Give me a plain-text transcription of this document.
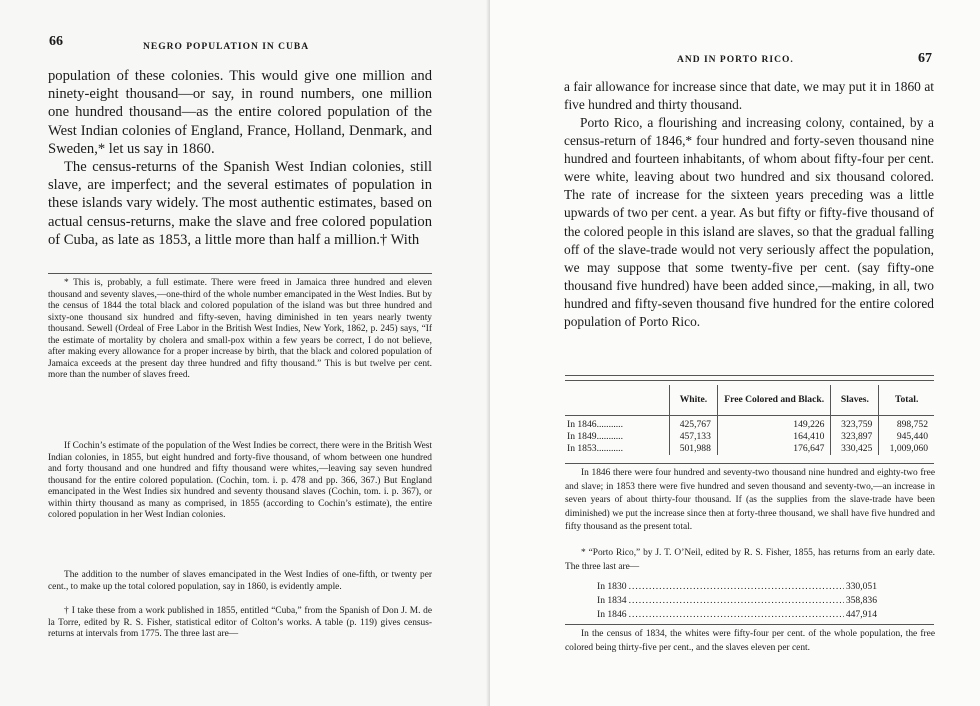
66	NEGRO POPULATION IN CUBA

population of these colonies. This would give one million and ninety-eight thousand—or say, in round numbers, one million one hundred thousand—as the entire colored population of the West Indian colonies of England, France, Holland, Denmark, and Sweden,* let us say in 1860.

The census-returns of the Spanish West Indian colonies, still slave, are imperfect; and the several estimates of population in these islands vary widely. The most authentic estimates, based on actual census-returns, make the slave and free colored population of Cuba, as late as 1853, a little more than half a million.† With

* This is, probably, a full estimate. There were freed in Jamaica three hundred and eleven thousand and seventy slaves,—one-third of the whole number emancipated in the West Indies. But by the census of 1844 the total black and colored population of the island was but three hundred and sixty-one thousand six hundred and fifty-seven, having diminished in ten years nearly twenty thousand. Sewell (Ordeal of Free Labor in the British West Indies, New York, 1862, p. 245) says, “If the estimate of mortality by cholera and small-pox within a few years be correct, I do not believe, after making every allowance for a proper increase by birth, that the black and colored population of Jamaica exceeds at the present day three hundred and fifty thousand.” This is but twelve per cent. more than the number of slaves freed.

If Cochin’s estimate of the population of the West Indies be correct, there were in the British West Indian colonies, in 1855, but eight hundred and forty-five thousand, of whom between one hundred and forty thousand and one hundred and fifty thousand were whites,—leaving say seven hundred thousand for the entire colored population. (Cochin, tom. i. p. 478 and pp. 366, 367.) But England emancipated in the West Indies six hundred and seventy thousand slaves (Cochin, tom. i. p. 367), or within thirty thousand as many as comprised, in 1855 (according to Cochin’s estimate), the entire colored population in her West Indian colonies.

The addition to the number of slaves emancipated in the West Indies of one-fifth, or twenty per cent., to make up the total colored population, say in 1860, is evidently ample.

† I take these from a work published in 1855, entitled “Cuba,” from the Spanish of Don J. M. de la Torre, edited by R. S. Fisher, statistical editor of Colton’s works. A table (p. 119) gives census-returns at intervals from 1775. The three last are—

AND IN PORTO RICO.	67

a fair allowance for increase since that date, we may put it in 1860 at five hundred and thirty thousand.

Porto Rico, a flourishing and increasing colony, contained, by a census-return of 1846,* four hundred and forty-seven thousand nine hundred and fourteen inhabitants, of whom about fifty-four per cent. were white, leaving about two hundred and six thousand colored. The rate of increase for the sixteen years preceding was a little upwards of two per cent. a year. As but fifty or fifty-five thousand of the colored people in this island are slaves, so that the gradual falling off of the slave-trade would not very seriously affect the population, we may suppose that some twenty-five per cent. (say fifty-one thousand five hundred) have been added since,—making, in all, two hundred and fifty-seven thousand five hundred for the entire colored population of Porto Rico.

	White.	Free Colored and Black.	Slaves.	Total.
In 1846...........	425,767	149,226	323,759	898,752
In 1849...........	457,133	164,410	323,897	945,440
In 1853...........	501,988	176,647	330,425	1,009,060

In 1846 there were four hundred and seventy-two thousand nine hundred and eighty-two free and slave; in 1853 there were five hundred and seven thousand and seventy-two,—an increase in seven years of about thirty-four thousand. If (as the supplies from the slave-trade have been diminished) we put the increase since then at forty-three thousand, we shall have five hundred and fifty thousand as the present total.

* “Porto Rico,” by J. T. O’Neil, edited by R. S. Fisher, 1855, has returns from an early date. The three last are—

In 1830 .....	330,051
In 1834 .....	358,836
In 1846 .....	447,914

In the census of 1834, the whites were fifty-four per cent. of the whole population, the free colored being thirty-five per cent., and the slaves eleven per cent.
